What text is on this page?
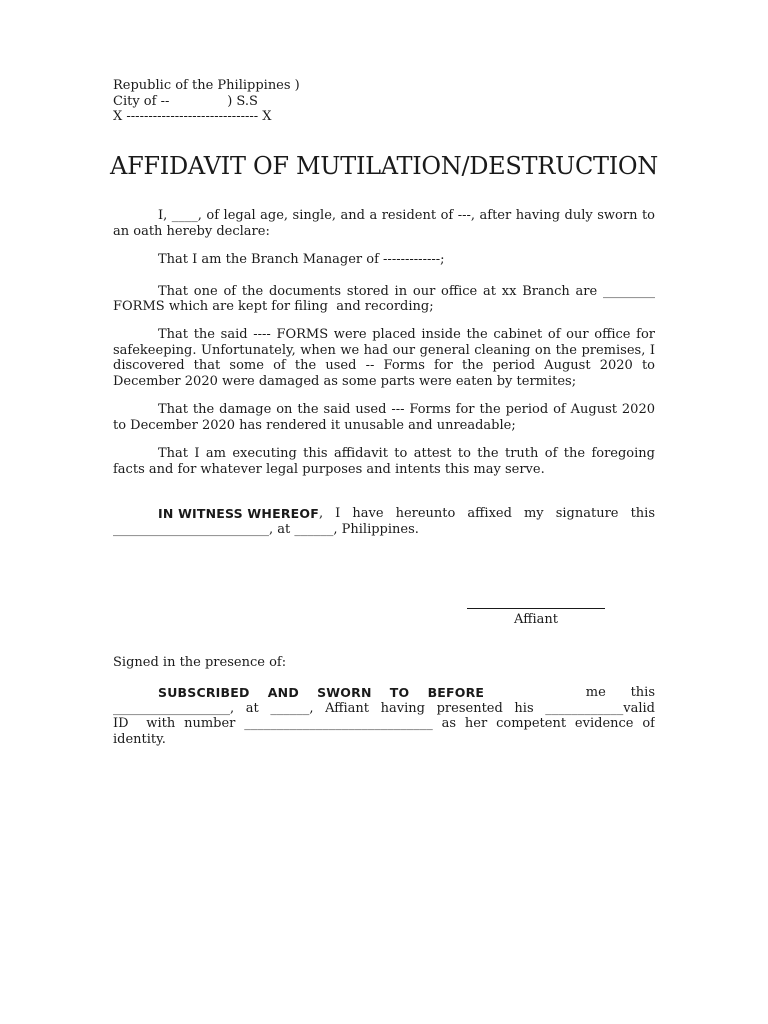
Republic of the Philippines )
City of --              ) S.S
X ------------------------------ X
AFFIDAVIT OF MUTILATION/DESTRUCTION
I, ____, of legal age, single, and a resident of ---, after having duly sworn to
an oath hereby declare:
That I am the Branch Manager of -------------;
That one of the documents stored in our office at xx Branch are ________
FORMS which are kept for filing  and recording;
That the said ---- FORMS were placed inside the cabinet of our office for
safekeeping. Unfortunately, when we had our general cleaning on the premises, I
discovered that some of the used -- Forms for the period August 2020 to
December 2020 were damaged as some parts were eaten by termites;
That the damage on the said used --- Forms for the period of August 2020
to December 2020 has rendered it unusable and unreadable;
That I am executing this affidavit to attest to the truth of the foregoing
facts and for whatever legal purposes and intents this may serve.
IN WITNESS WHEREOF , I have hereunto affixed my signature this
________________________, at ______, Philippines.
Affiant
Signed in the presence of:
SUBSCRIBED    AND    SWORN    TO    BEFORE	me      this
__________________, at ______, Affiant having presented his ____________valid
ID  with number _____________________________ as her competent evidence of
identity.
